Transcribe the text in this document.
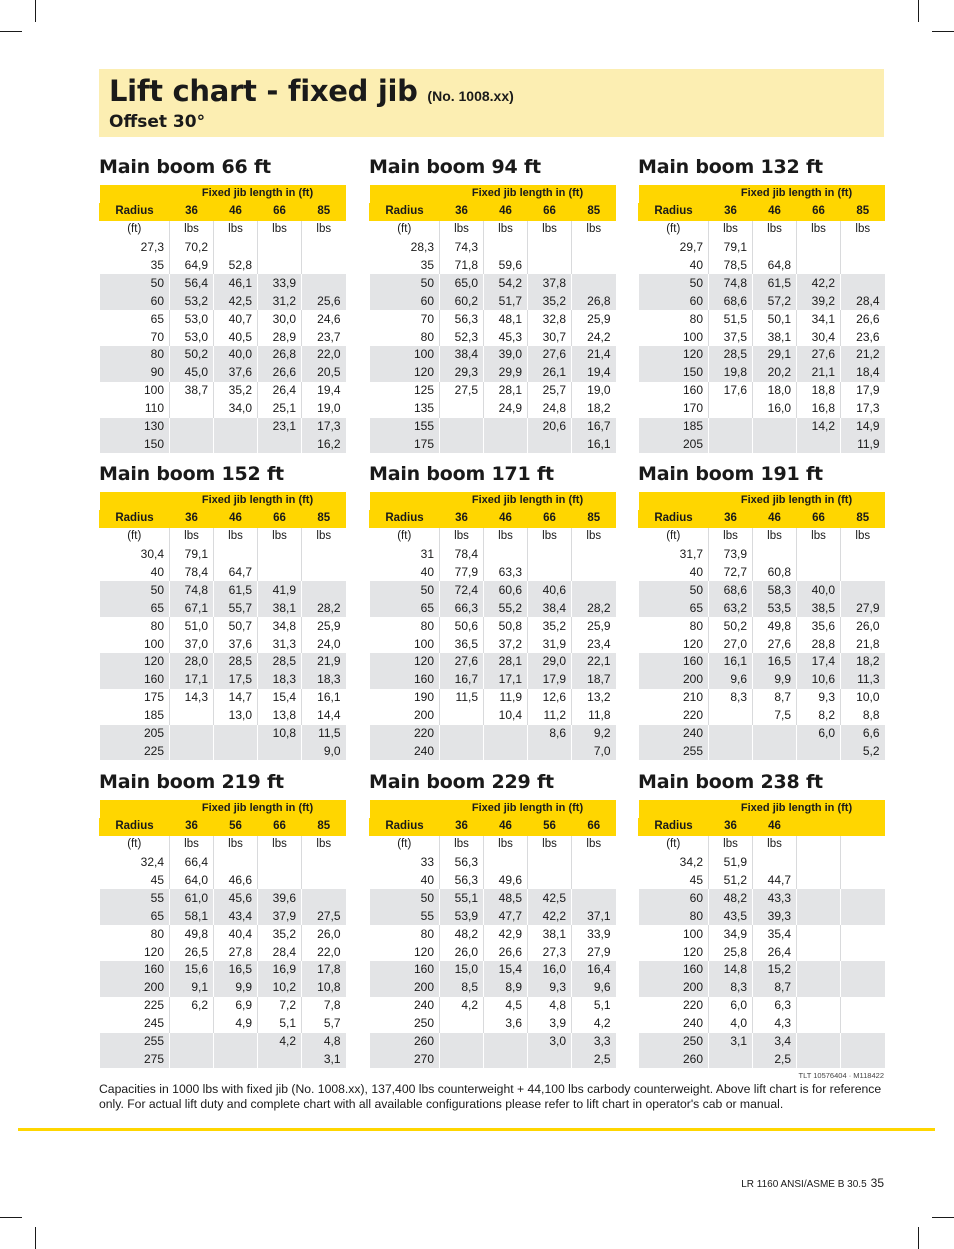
Lift chart - fixed jib (No. 1008.xx)
Offset 30°
Main boom 66 ft
	Fixed jib length in (ft)			
Radius	36	46	66	85
(ft)	lbs	lbs	lbs	lbs
27,3	70,2			
35	64,9	52,8		
50	56,4	46,1	33,9	
60	53,2	42,5	31,2	25,6
65	53,0	40,7	30,0	24,6
70	53,0	40,5	28,9	23,7
80	50,2	40,0	26,8	22,0
90	45,0	37,6	26,6	20,5
100	38,7	35,2	26,4	19,4
110		34,0	25,1	19,0
130			23,1	17,3
150				16,2
Main boom 94 ft
	Fixed jib length in (ft)			
Radius	36	46	66	85
(ft)	lbs	lbs	lbs	lbs
28,3	74,3			
35	71,8	59,6		
50	65,0	54,2	37,8	
60	60,2	51,7	35,2	26,8
70	56,3	48,1	32,8	25,9
80	52,3	45,3	30,7	24,2
100	38,4	39,0	27,6	21,4
120	29,3	29,9	26,1	19,4
125	27,5	28,1	25,7	19,0
135		24,9	24,8	18,2
155			20,6	16,7
175				16,1
Main boom 132 ft
	Fixed jib length in (ft)			
Radius	36	46	66	85
(ft)	lbs	lbs	lbs	lbs
29,7	79,1			
40	78,5	64,8		
50	74,8	61,5	42,2	
60	68,6	57,2	39,2	28,4
80	51,5	50,1	34,1	26,6
100	37,5	38,1	30,4	23,6
120	28,5	29,1	27,6	21,2
150	19,8	20,2	21,1	18,4
160	17,6	18,0	18,8	17,9
170		16,0	16,8	17,3
185			14,2	14,9
205				11,9
Main boom 152 ft
	Fixed jib length in (ft)			
Radius	36	46	66	85
(ft)	lbs	lbs	lbs	lbs
30,4	79,1			
40	78,4	64,7		
50	74,8	61,5	41,9	
65	67,1	55,7	38,1	28,2
80	51,0	50,7	34,8	25,9
100	37,0	37,6	31,3	24,0
120	28,0	28,5	28,5	21,9
160	17,1	17,5	18,3	18,3
175	14,3	14,7	15,4	16,1
185		13,0	13,8	14,4
205			10,8	11,5
225				9,0
Main boom 171 ft
	Fixed jib length in (ft)			
Radius	36	46	66	85
(ft)	lbs	lbs	lbs	lbs
31	78,4			
40	77,9	63,3		
50	72,4	60,6	40,6	
65	66,3	55,2	38,4	28,2
80	50,6	50,8	35,2	25,9
100	36,5	37,2	31,9	23,4
120	27,6	28,1	29,0	22,1
160	16,7	17,1	17,9	18,7
190	11,5	11,9	12,6	13,2
200		10,4	11,2	11,8
220			8,6	9,2
240				7,0
Main boom 191 ft
	Fixed jib length in (ft)			
Radius	36	46	66	85
(ft)	lbs	lbs	lbs	lbs
31,7	73,9			
40	72,7	60,8		
50	68,6	58,3	40,0	
65	63,2	53,5	38,5	27,9
80	50,2	49,8	35,6	26,0
120	27,0	27,6	28,8	21,8
160	16,1	16,5	17,4	18,2
200	9,6	9,9	10,6	11,3
210	8,3	8,7	9,3	10,0
220		7,5	8,2	8,8
240			6,0	6,6
255				5,2
Main boom 219 ft
	Fixed jib length in (ft)			
Radius	36	56	66	85
(ft)	lbs	lbs	lbs	lbs
32,4	66,4			
45	64,0	46,6		
55	61,0	45,6	39,6	
65	58,1	43,4	37,9	27,5
80	49,8	40,4	35,2	26,0
120	26,5	27,8	28,4	22,0
160	15,6	16,5	16,9	17,8
200	9,1	9,9	10,2	10,8
225	6,2	6,9	7,2	7,8
245		4,9	5,1	5,7
255			4,2	4,8
275				3,1
Main boom 229 ft
	Fixed jib length in (ft)			
Radius	36	46	56	66
(ft)	lbs	lbs	lbs	lbs
33	56,3			
40	56,3	49,6		
50	55,1	48,5	42,5	
55	53,9	47,7	42,2	37,1
80	48,2	42,9	38,1	33,9
120	26,0	26,6	27,3	27,9
160	15,0	15,4	16,0	16,4
200	8,5	8,9	9,3	9,6
240	4,2	4,5	4,8	5,1
250		3,6	3,9	4,2
260			3,0	3,3
270				2,5
Main boom 238 ft
	Fixed jib length in (ft)			
Radius	36	46		
(ft)	lbs	lbs		
34,2	51,9			
45	51,2	44,7		
60	48,2	43,3		
80	43,5	39,3		
100	34,9	35,4		
120	25,8	26,4		
160	14,8	15,2		
200	8,3	8,7		
220	6,0	6,3		
240	4,0	4,3		
250	3,1	3,4		
260		2,5		
TLT 10576404 · M118422
Capacities in 1000 lbs with fixed jib (No. 1008.xx), 137,400 lbs counterweight + 44,100 lbs carbody counterweight. Above lift chart is for reference only. For actual lift duty and complete chart with all available configurations please refer to lift chart in operator's cab or manual.
LR 1160 ANSI/ASME B 30.5 35
